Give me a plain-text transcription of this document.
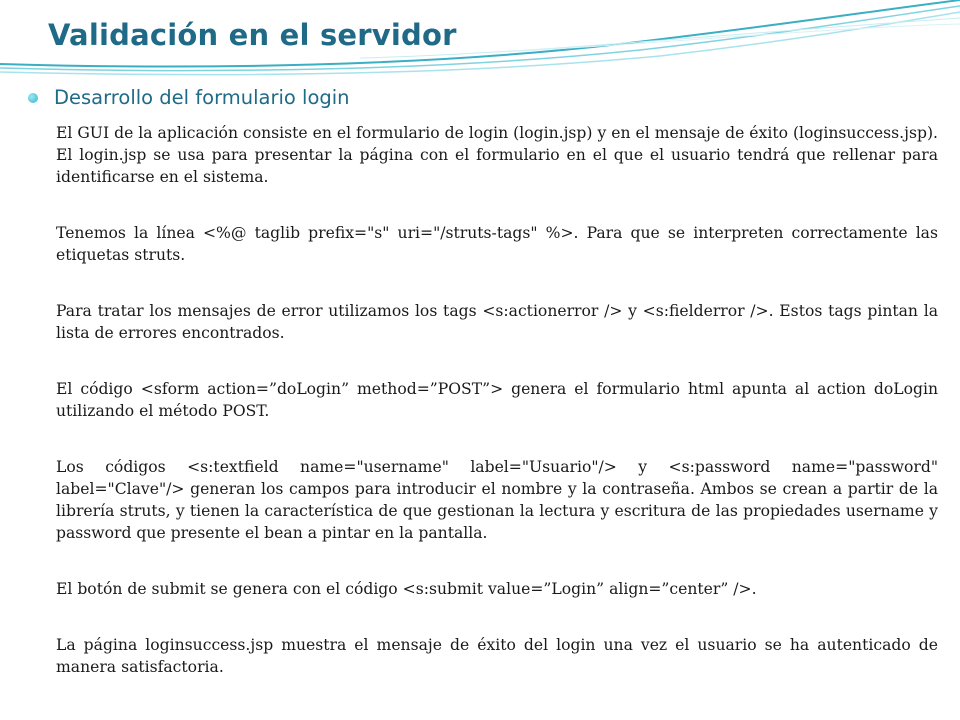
Validación en el servidor
Desarrollo del formulario login

El GUI de la aplicación consiste en el formulario de login (login.jsp) y en el mensaje de éxito (loginsuccess.jsp). El login.jsp se usa para presentar la página con el formulario en el que el usuario tendrá que rellenar para identificarse en el sistema.

Tenemos la línea <%@ taglib prefix="s" uri="/struts-tags" %>. Para que se interpreten correctamente las etiquetas struts.

Para tratar los mensajes de error utilizamos los tags <s:actionerror /> y <s:fielderror />. Estos tags pintan la lista de errores encontrados.

El código <sform action=”doLogin” method=”POST”> genera el formulario html apunta al action doLogin utilizando el método POST.

Los códigos <s:textfield name="username" label="Usuario"/> y <s:password name="password" label="Clave"/> generan los campos para introducir el nombre y la contraseña. Ambos se crean a partir de la librería struts, y tienen la característica de que gestionan la lectura y escritura de las propiedades username y password que presente el bean a pintar en la pantalla.

El botón de submit se genera con el código <s:submit value=”Login” align=”center” />.

La página loginsuccess.jsp muestra el mensaje de éxito del login una vez el usuario se ha autenticado de manera satisfactoria.
